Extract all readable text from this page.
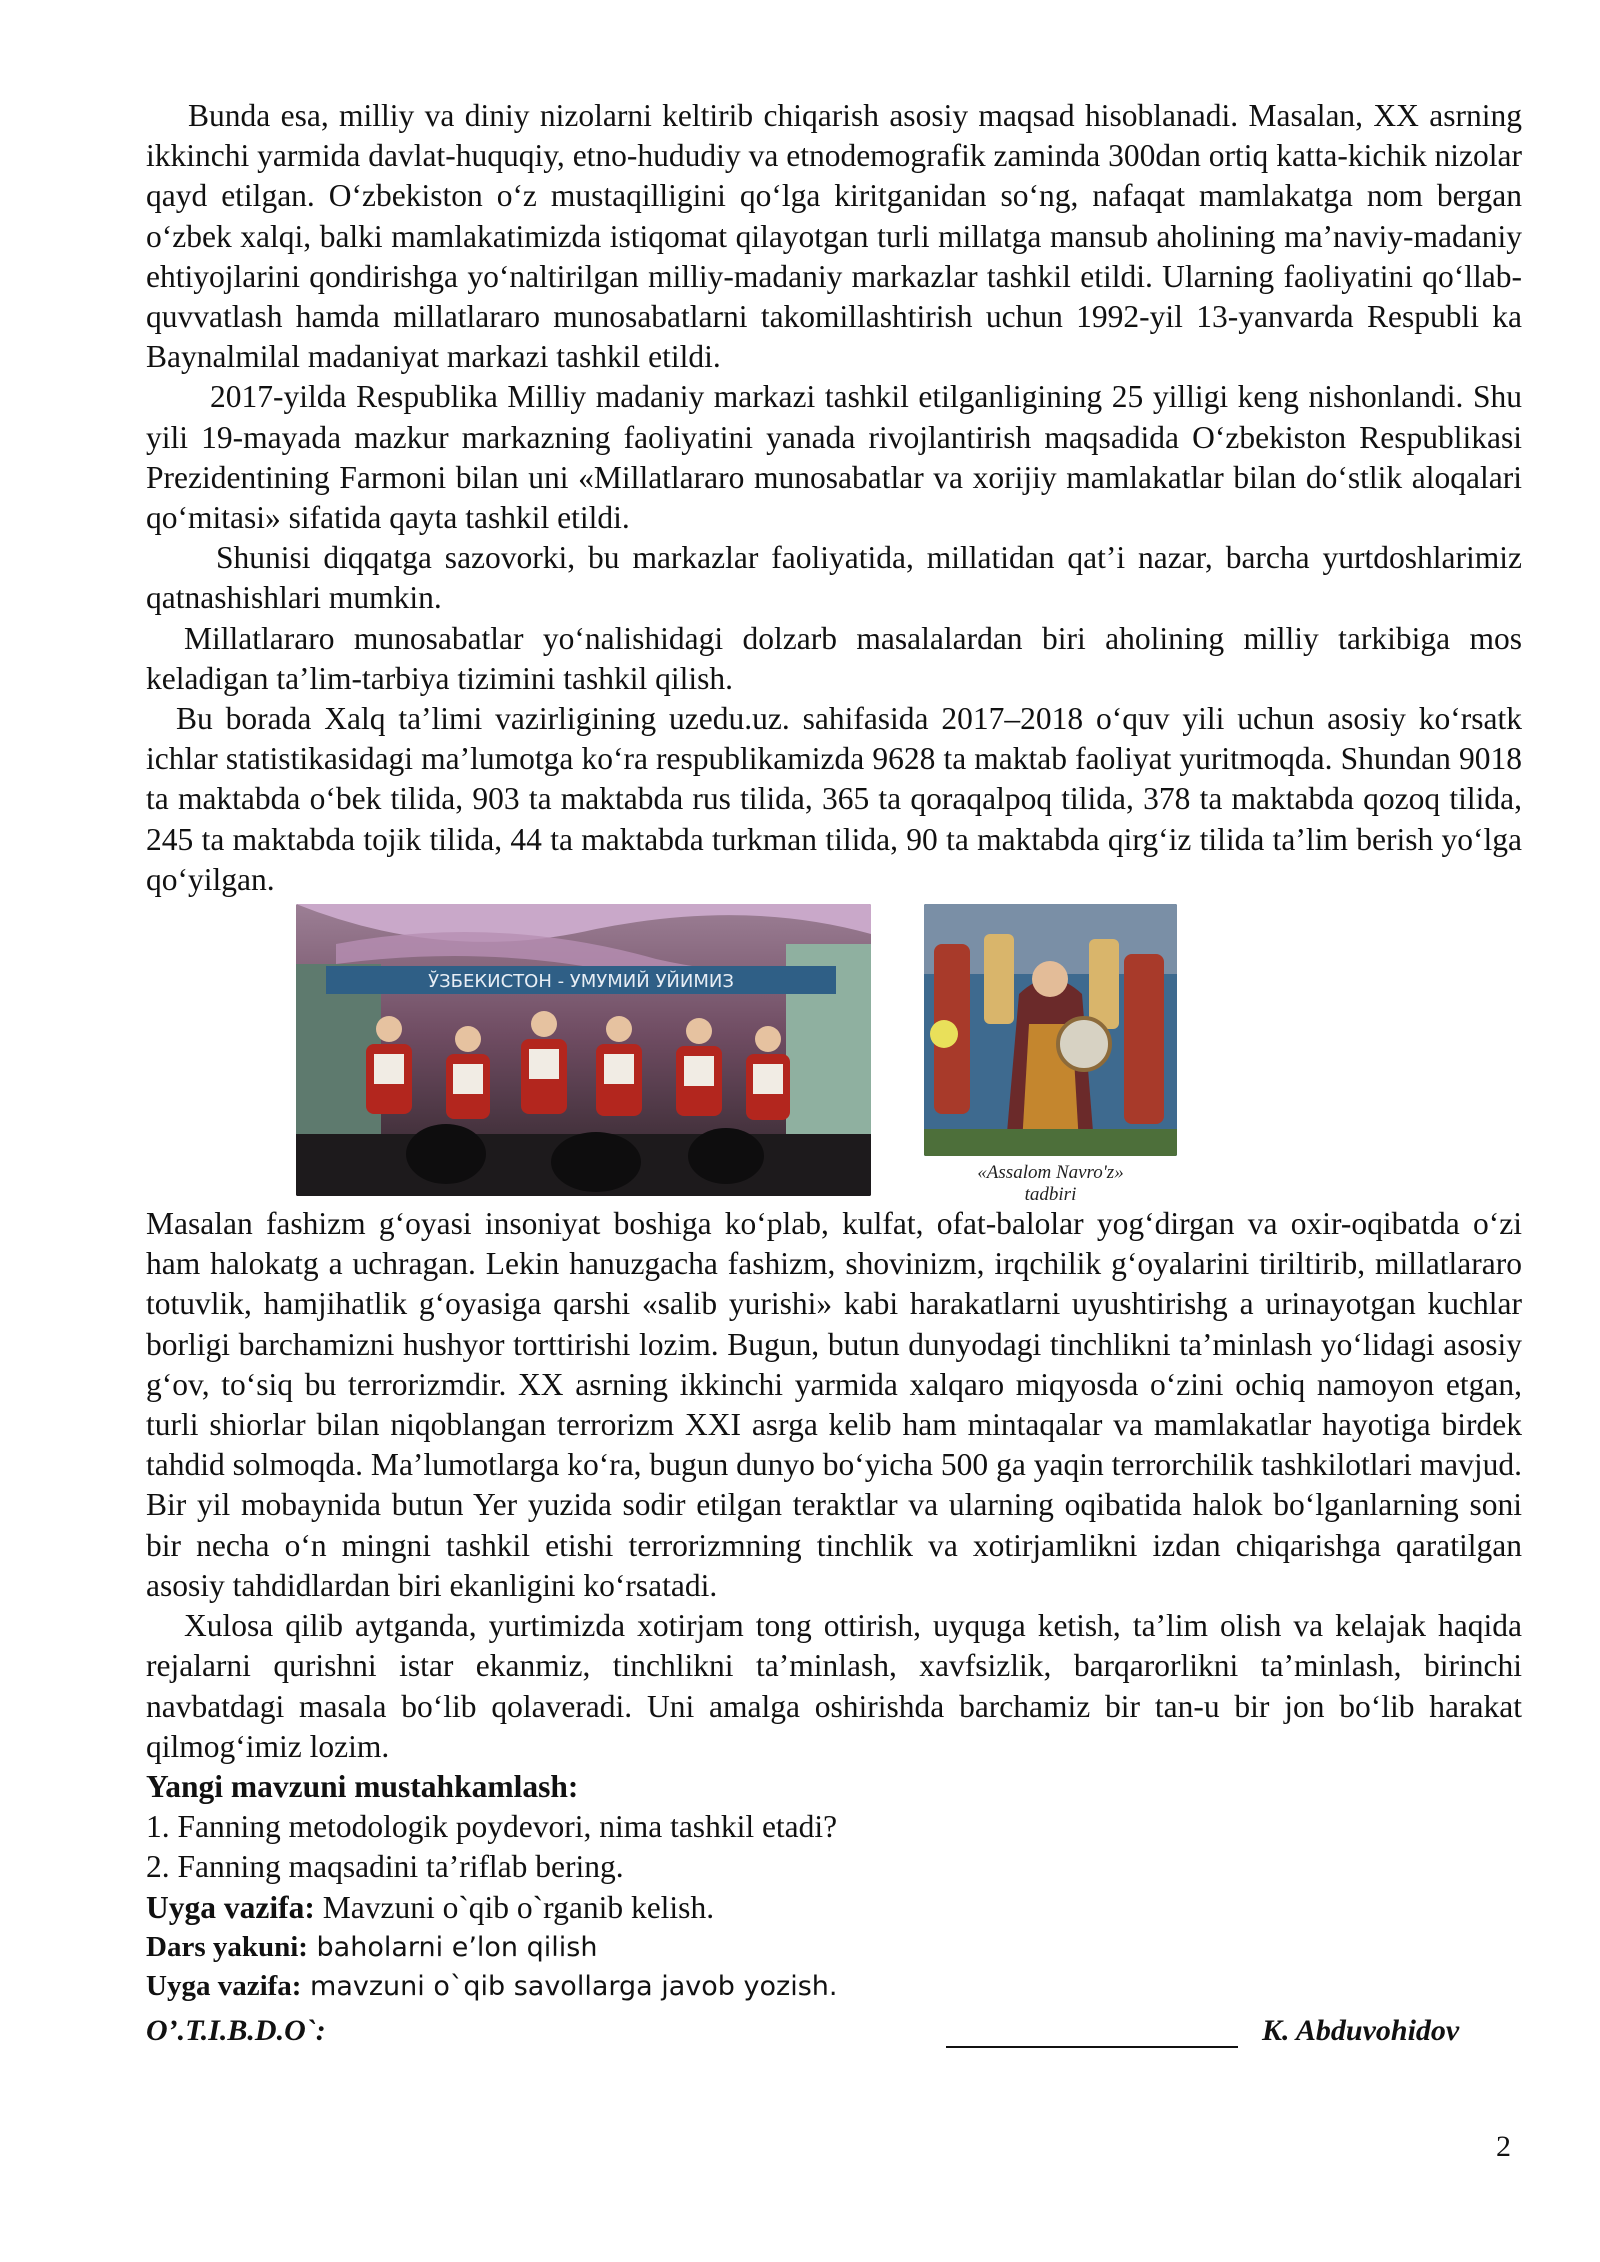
Bunda esa, milliy va diniy nizolarni keltirib chiqarish asosiy maqsad hisoblanadi. Masalan, XX asrning ikkinchi yarmida davlat-huquqiy, etno-hududiy va etnodemografik zaminda 300dan ortiq katta-kichik nizolar qayd etilgan. O‘zbekiston o‘z mustaqilligini qo‘lga kiritganidan so‘ng, nafaqat mamlakatga nom bergan o‘zbek xalqi, balki mamlakatimizda istiqomat qilayotgan turli millatga mansub aholining ma’naviy-madaniy ehtiyojlarini qondirishga yo‘naltirilgan milliy-madaniy markazlar tashkil etildi. Ularning faoliyatini qo‘llab-quvvatlash hamda millatlararo munosabatlarni takomillashtirish uchun 1992-yil 13-yanvarda Respubli ka Baynalmilal madaniyat markazi tashkil etildi.

2017-yilda Respublika Milliy madaniy markazi tashkil etilganligining 25 yilligi keng nishonlandi. Shu yili 19-mayada mazkur markazning faoliyatini yanada rivojlantirish maqsadida O‘zbekiston Respublikasi Prezidentining Farmoni bilan uni «Millatlararo munosabatlar va xorijiy mamlakatlar bilan do‘stlik aloqalari qo‘mitasi» sifatida qayta tashkil etildi.

Shunisi diqqatga sazovorki, bu markazlar faoliyatida, millatidan qat’i nazar, barcha yurtdoshlarimiz qatnashishlari mumkin.

Millatlararo munosabatlar yo‘nalishidagi dolzarb masalalardan biri aholining milliy tarkibiga mos keladigan ta’lim-tarbiya tizimini tashkil qilish.

Bu borada Xalq ta’limi vazirligining uzedu.uz. sahifasida 2017–2018 o‘quv yili uchun asosiy ko‘rsatk ichlar statistikasidagi ma’lumotga ko‘ra respublikamizda 9628 ta maktab faoliyat yuritmoqda. Shundan 9018 ta maktabda o‘bek tilida, 903 ta maktabda rus tilida, 365 ta qoraqalpoq tilida, 378 ta maktabda qozoq tilida, 245 ta maktabda tojik tilida, 44 ta maktabda turkman tilida, 90 ta maktabda qirg‘iz tilida ta’lim berish yo‘lga qo‘yilgan.

ЎЗБЕКИСТОН - УМУМИЙ УЙИМИЗ
«Assalom Navro'z»
tadbiri

Masalan fashizm g‘oyasi insoniyat boshiga ko‘plab, kulfat, ofat-balolar yog‘dirgan va oxir-oqibatda o‘zi ham halokatg a uchragan. Lekin hanuzgacha fashizm, shovinizm, irqchilik g‘oyalarini tiriltirib, millatlararo totuvlik, hamjihatlik g‘oyasiga qarshi «salib yurishi» kabi harakatlarni uyushtirishg a urinayotgan kuchlar borligi barchamizni hushyor torttirishi lozim. Bugun, butun dunyodagi tinchlikni ta’minlash yo‘lidagi asosiy g‘ov, to‘siq bu terrorizmdir. XX asrning ikkinchi yarmida xalqaro miqyosda o‘zini ochiq namoyon etgan, turli shiorlar bilan niqoblangan terrorizm XXI asrga kelib ham mintaqalar va mamlakatlar hayotiga birdek tahdid solmoqda. Ma’lumotlarga ko‘ra, bugun dunyo bo‘yicha 500 ga yaqin terrorchilik tashkilotlari mavjud. Bir yil mobaynida butun Yer yuzida sodir etilgan teraktlar va ularning oqibatida halok bo‘lganlarning soni bir necha o‘n mingni tashkil etishi terrorizmning tinchlik va xotirjamlikni izdan chiqarishga qaratilgan asosiy tahdidlardan biri ekanligini ko‘rsatadi.

Xulosa qilib aytganda, yurtimizda xotirjam tong ottirish, uyquga ketish, ta’lim olish va kelajak haqida rejalarni qurishni istar ekanmiz, tinchlikni ta’minlash, xavfsizlik, barqarorlikni ta’minlash, birinchi navbatdagi masala bo‘lib qolaveradi. Uni amalga oshirishda barchamiz bir tan-u bir jon bo‘lib harakat qilmog‘imiz lozim.

Yangi mavzuni mustahkamlash:

1. Fanning metodologik poydevori, nima tashkil etadi?

2. Fanning maqsadini ta’riflab bering.

Uyga vazifa: Mavzuni o`qib o`rganib kelish.

Dars yakuni: baholarni e’lon qilish

Uyga vazifa: mavzuni o`qib savollarga javob yozish.

O’.T.I.B.D.O`:	K. Abduvohidov
2
